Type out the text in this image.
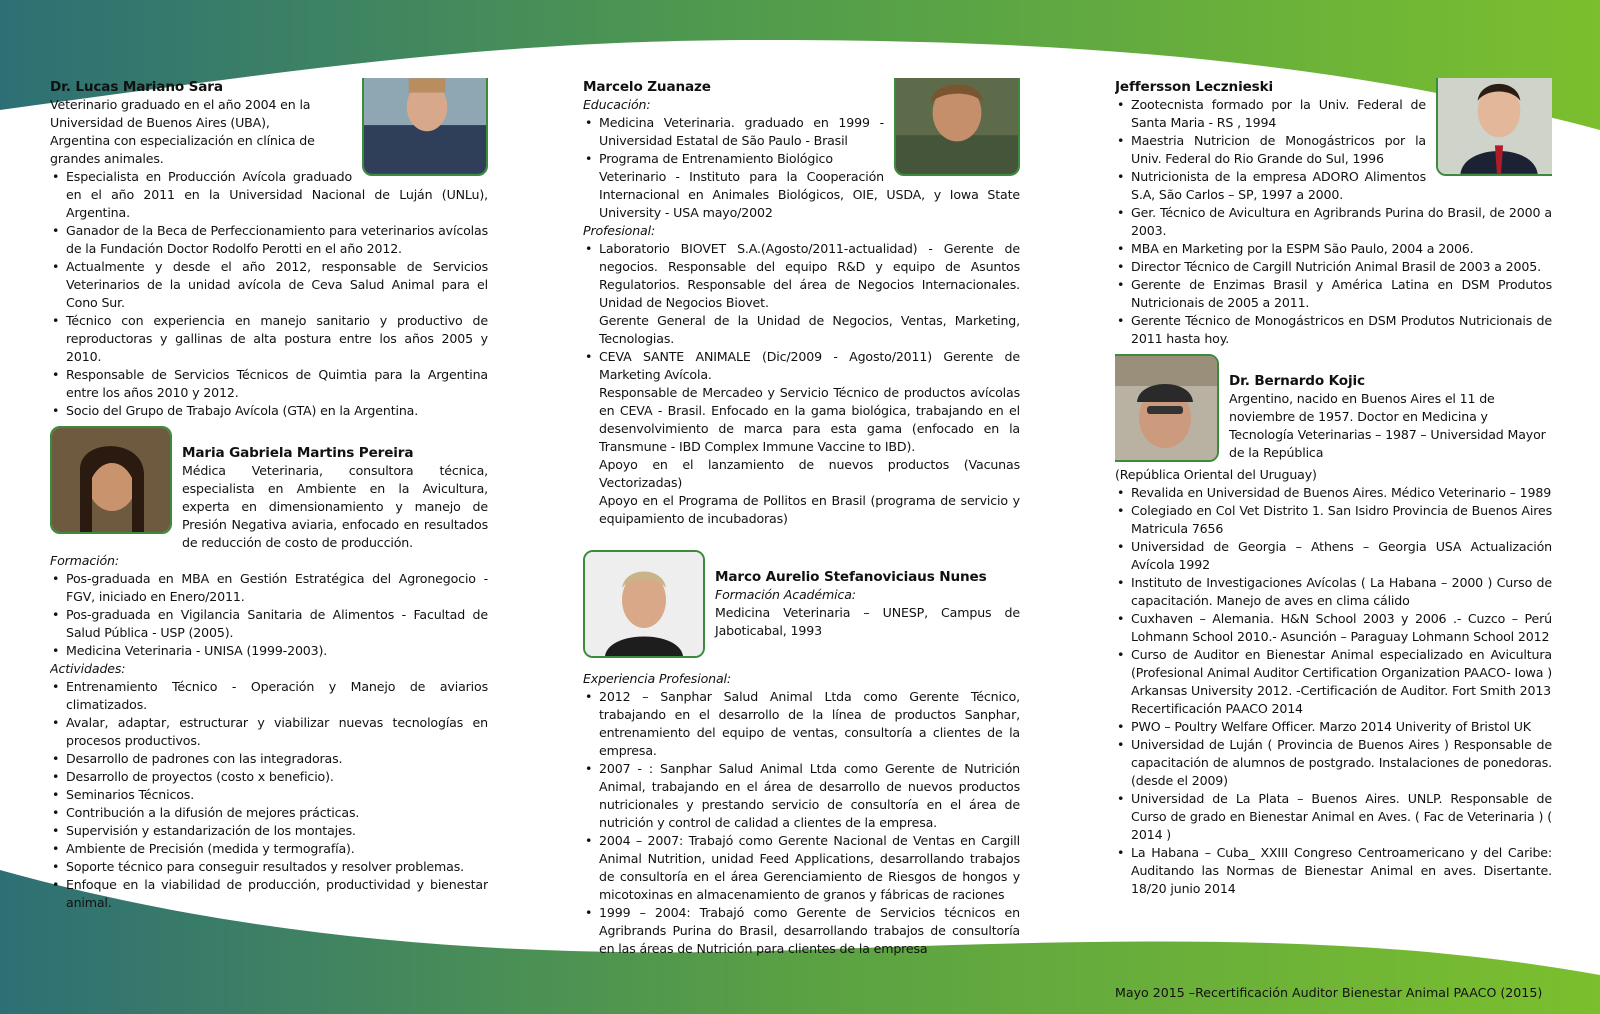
Dr. Lucas Mariano Sara
Veterinario graduado en el año 2004 en la
Universidad de Buenos Aires (UBA),
Argentina con especialización en clínica de
grandes animales.
• Especialista en Producción Avícola graduado en el año 2011 en la Universidad Nacional de Luján (UNLu), Argentina.
• Ganador de la Beca de Perfeccionamiento para veterinarios avícolas de la Fundación Doctor Rodolfo Perotti en el año 2012.
• Actualmente y desde el año 2012, responsable de Servicios Veterinarios de la unidad avícola de Ceva Salud Animal para el Cono Sur.
• Técnico con experiencia en manejo sanitario y productivo de reproductoras y gallinas de alta postura entre los años 2005 y 2010.
• Responsable de Servicios Técnicos de Quimtia para la Argentina entre los años 2010 y 2012.
• Socio del Grupo de Trabajo Avícola (GTA) en la Argentina.
Maria Gabriela Martins Pereira
Médica Veterinaria, consultora técnica, especialista en Ambiente en la Avicultura, experta en dimensionamiento y manejo de Presión Negativa aviaria, enfocado en resultados de reducción de costo de producción.
Formación:
• Pos-graduada en MBA en Gestión Estratégica del Agronegocio - FGV, iniciado en Enero/2011.
• Pos-graduada en Vigilancia Sanitaria de Alimentos - Facultad de Salud Pública - USP (2005).
• Medicina Veterinaria - UNISA (1999-2003).
Actividades:
• Entrenamiento Técnico - Operación y Manejo de aviarios climatizados.
• Avalar, adaptar, estructurar y viabilizar nuevas tecnologías en procesos productivos.
• Desarrollo de padrones con las integradoras.
• Desarrollo de proyectos (costo x beneficio).
• Seminarios Técnicos.
• Contribución a la difusión de mejores prácticas.
• Supervisión y estandarización de los montajes.
• Ambiente de Precisión (medida y termografía).
• Soporte técnico para conseguir resultados y resolver problemas.
• Enfoque en la viabilidad de producción, productividad y bienestar animal.
Marcelo Zuanaze
Educación:
• Medicina Veterinaria. graduado en 1999 - Universidad Estatal de São Paulo - Brasil
• Programa de Entrenamiento Biológico
Veterinario - Instituto para la Cooperación Internacional en Animales Biológicos, OIE, USDA, y Iowa State University - USA mayo/2002
Profesional:
• Laboratorio BIOVET S.A.(Agosto/2011-actualidad) - Gerente de negocios. Responsable del equipo R&D y equipo de Asuntos Regulatorios. Responsable del área de Negocios Internacionales. Unidad de Negocios Biovet.
Gerente General de la Unidad de Negocios, Ventas, Marketing, Tecnologias.
• CEVA SANTE ANIMALE (Dic/2009 - Agosto/2011) Gerente de Marketing Avícola.
Responsable de Mercadeo y Servicio Técnico de productos avícolas en CEVA - Brasil. Enfocado en la gama biológica, trabajando en el desenvolvimiento de marca para esta gama (enfocado en la Transmune - IBD Complex Immune Vaccine to IBD).
Apoyo en el lanzamiento de nuevos productos (Vacunas Vectorizadas)
Apoyo en el Programa de Pollitos en Brasil (programa de servicio y equipamiento de incubadoras)
Marco Aurelio Stefanoviciaus Nunes
Formación Académica:
Medicina Veterinaria – UNESP, Campus de Jaboticabal, 1993
Experiencia Profesional:
• 2012 – Sanphar Salud Animal Ltda como Gerente Técnico, trabajando en el desarrollo de la línea de productos Sanphar, entrenamiento del equipo de ventas, consultoría a clientes de la empresa.
• 2007 - : Sanphar Salud Animal Ltda como Gerente de Nutrición Animal, trabajando en el área de desarrollo de nuevos productos nutricionales y prestando servicio de consultoría en el área de nutrición y control de calidad a clientes de la empresa.
• 2004 – 2007: Trabajó como Gerente Nacional de Ventas en Cargill Animal Nutrition, unidad Feed Applications, desarrollando trabajos de consultoría en el área Gerenciamiento de Riesgos de hongos y micotoxinas en almacenamiento de granos y fábricas de raciones
• 1999 – 2004: Trabajó como Gerente de Servicios técnicos en Agribrands Purina do Brasil, desarrollando trabajos de consultoría en las áreas de Nutrición para clientes de la empresa
Jeffersson Lecznieski
• Zootecnista formado por la Univ. Federal de Santa Maria - RS , 1994
• Maestria Nutricion de Monogástricos por la Univ. Federal do Rio Grande do Sul, 1996
• Nutricionista de la empresa ADORO Alimentos S.A, São Carlos – SP, 1997 a 2000.
• Ger. Técnico de Avicultura en Agribrands Purina do Brasil, de 2000 a 2003.
• MBA en Marketing por la ESPM São Paulo, 2004 a 2006.
• Director Técnico de Cargill Nutrición Animal Brasil de 2003 a 2005.
• Gerente de Enzimas Brasil y América Latina en DSM Produtos Nutricionais de 2005 a 2011.
• Gerente Técnico de Monogástricos en DSM Produtos Nutricionais de 2011 hasta hoy.
Dr. Bernardo Kojic
Argentino, nacido en Buenos Aires el 11 de noviembre de 1957. Doctor en Medicina y Tecnología Veterinarias – 1987 – Universidad Mayor de la República
(República Oriental del Uruguay)
• Revalida en Universidad de Buenos Aires. Médico Veterinario – 1989
• Colegiado en Col Vet Distrito 1. San Isidro Provincia de Buenos Aires Matricula 7656
• Universidad de Georgia – Athens – Georgia USA Actualización Avícola 1992
• Instituto de Investigaciones Avícolas ( La Habana – 2000 ) Curso de capacitación. Manejo de aves en clima cálido
• Cuxhaven – Alemania. H&N School 2003 y 2006 .- Cuzco – Perú Lohmann School 2010.- Asunción – Paraguay Lohmann School 2012
• Curso de Auditor en Bienestar Animal especializado en Avicultura (Profesional Animal Auditor Certification Organization PAACO- Iowa ) Arkansas University 2012. -Certificación de Auditor. Fort Smith 2013
Recertificación PAACO 2014
• PWO – Poultry Welfare Officer. Marzo 2014 Univerity of Bristol UK
• Universidad de Luján ( Provincia de Buenos Aires ) Responsable de capacitación de alumnos de postgrado. Instalaciones de ponedoras. (desde el 2009)
• Universidad de La Plata – Buenos Aires. UNLP. Responsable de Curso de grado en Bienestar Animal en Aves. ( Fac de Veterinaria ) ( 2014 )
• La Habana – Cuba_ XXIII Congreso Centroamericano y del Caribe: Auditando las Normas de Bienestar Animal en aves. Disertante. 18/20 junio 2014
Mayo 2015 –Recertificación Auditor Bienestar Animal PAACO (2015)
